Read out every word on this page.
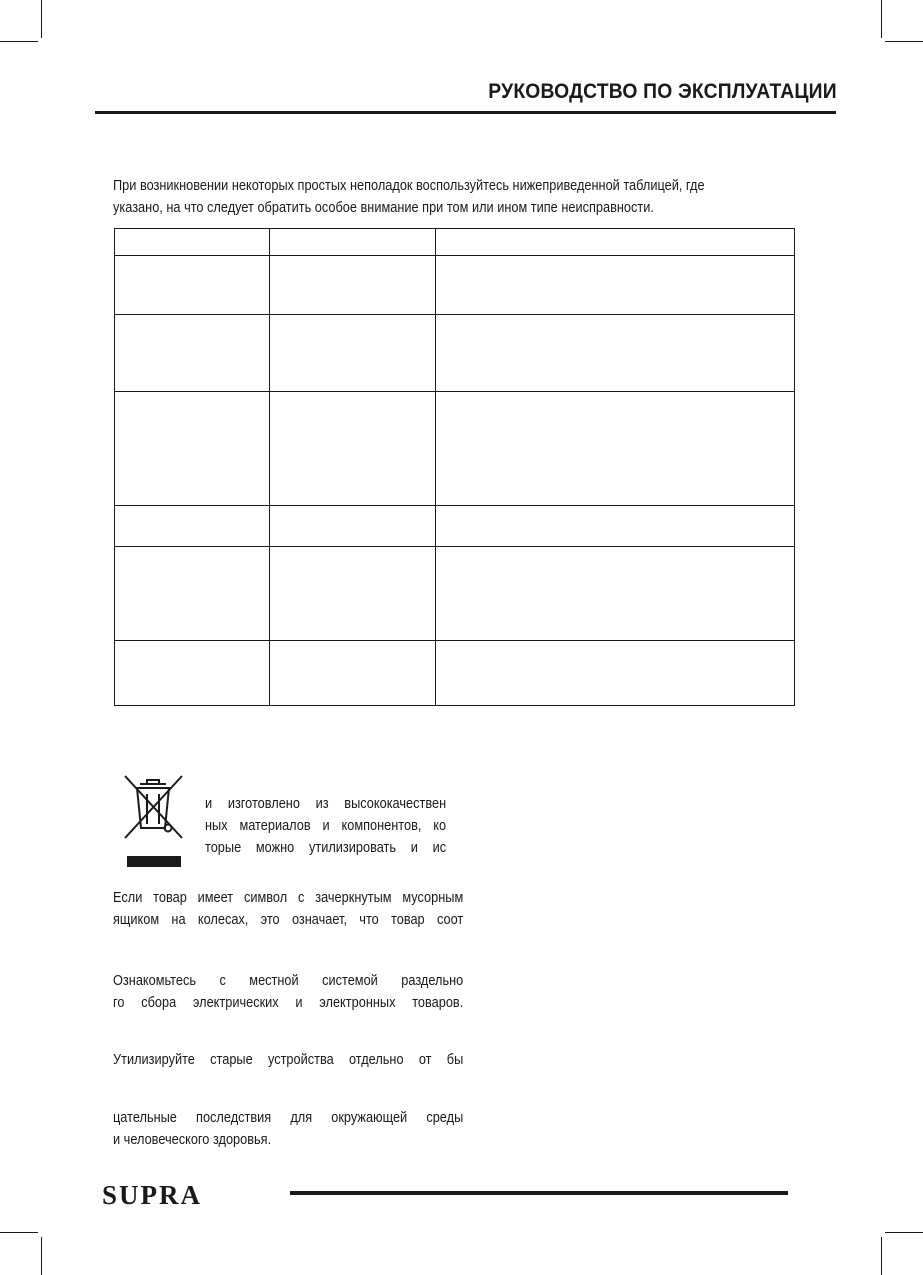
РУКОВОДСТВО ПО ЭКСПЛУАТАЦИИ

При возникновении некоторых простых неполадок воспользуйтесь нижеприведенной таблицей, где

указано, на что следует обратить особое внимание при том или ином типе неисправности.

и изготовлено из высококачествен
ных материалов и компонентов, ко
торые можно утилизировать и ис
Если товар имеет символ с зачеркнутым мусорным
ящиком на колесах, это означает, что товар соот
Ознакомьтесь с местной системой раздельно
го сбора электрических и электронных товаров.
Утилизируйте старые устройства отдельно от бы
цательные последствия для окружающей среды
и человеческого здоровья.
SUPRA
